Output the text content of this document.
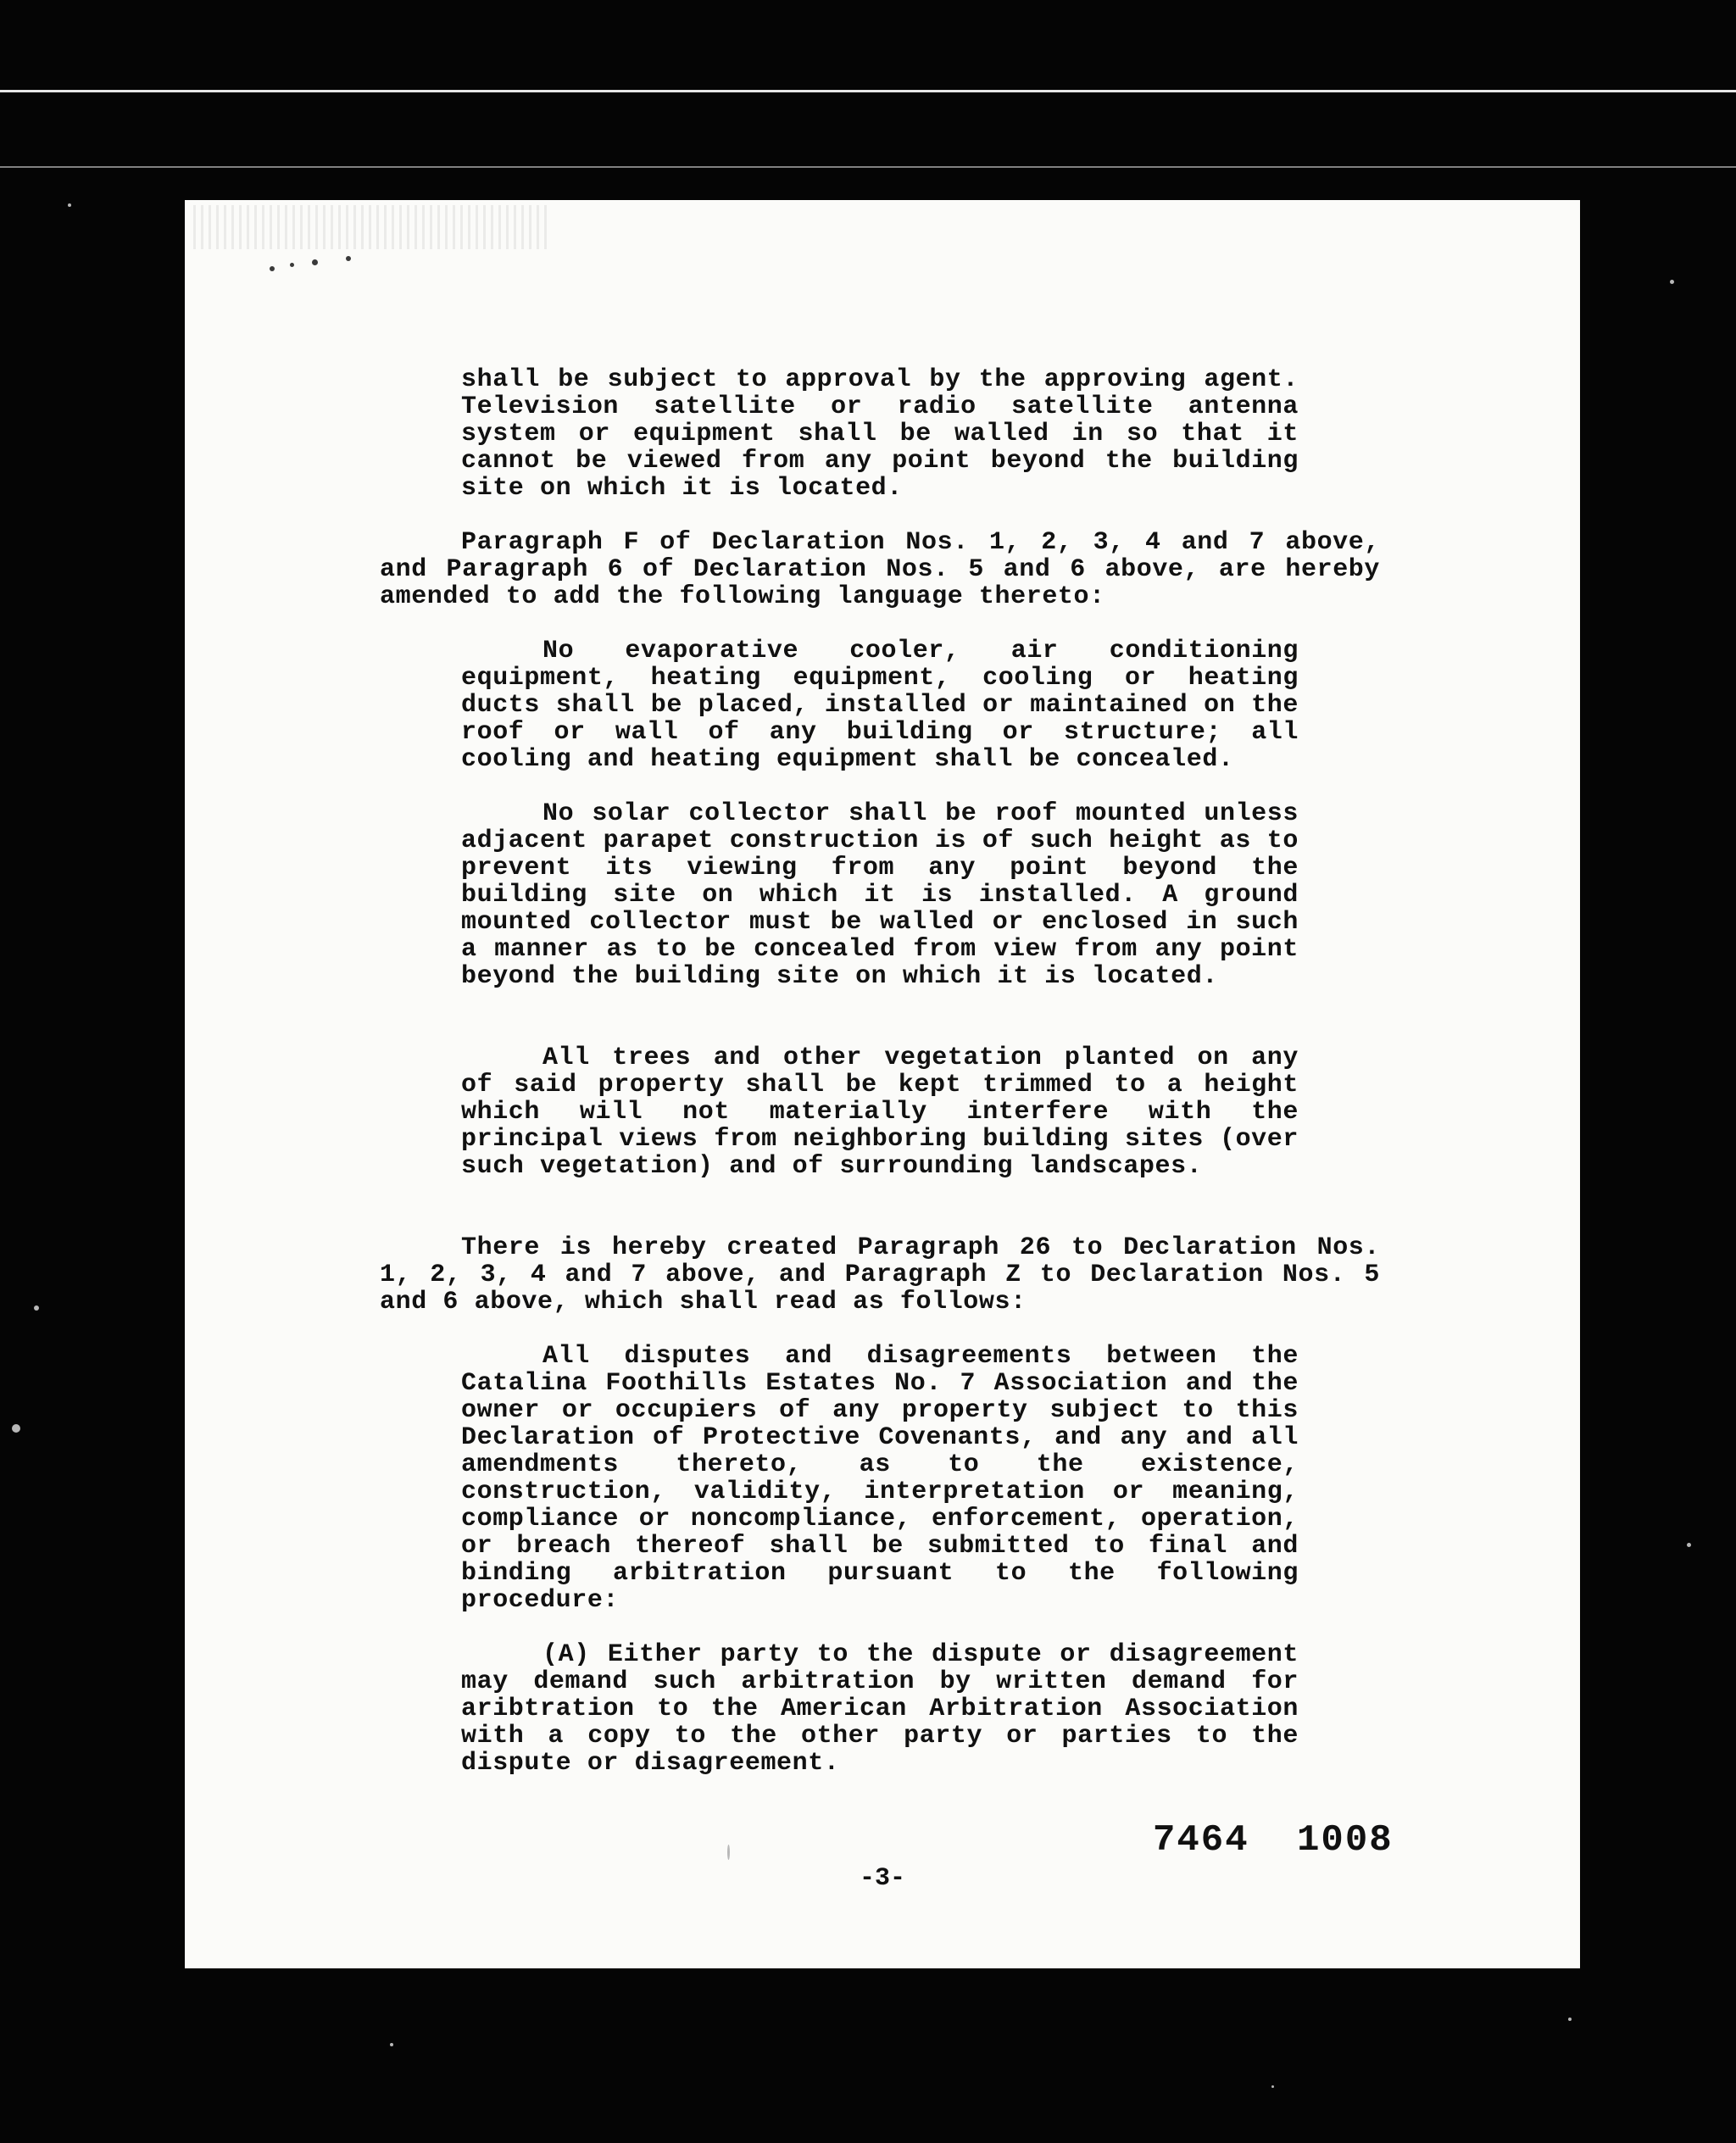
shall be subject to approval by the approving agent. Television satellite or radio satellite antenna system or equipment shall be walled in so that it cannot be viewed from any point beyond the building site on which it is located.

Paragraph F of Declaration Nos. 1, 2, 3, 4 and 7 above, and Paragraph 6 of Declaration Nos. 5 and 6 above, are hereby amended to add the following language thereto:

No evaporative cooler, air conditioning equipment, heating equipment, cooling or heating ducts shall be placed, installed or maintained on the roof or wall of any building or structure; all cooling and heating equipment shall be concealed.

No solar collector shall be roof mounted unless adjacent parapet construction is of such height as to prevent its viewing from any point beyond the building site on which it is installed. A ground mounted collector must be walled or enclosed in such a manner as to be concealed from view from any point beyond the building site on which it is located.

All trees and other vegetation planted on any of said property shall be kept trimmed to a height which will not materially interfere with the principal views from neighboring building sites (over such vegetation) and of surrounding landscapes.

There is hereby created Paragraph 26 to Declaration Nos. 1, 2, 3, 4 and 7 above, and Paragraph Z to Declaration Nos. 5 and 6 above, which shall read as follows:

All disputes and disagreements between the Catalina Foothills Estates No. 7 Association and the owner or occupiers of any property subject to this Declaration of Protective Covenants, and any and all amendments thereto, as to the existence, construction, validity, interpretation or meaning, compliance or noncompliance, enforcement, operation, or breach thereof shall be submitted to final and binding arbitration pursuant to the following procedure:

(A) Either party to the dispute or disagreement may demand such arbitration by written demand for aribtration to the American Arbitration Association with a copy to the other party or parties to the dispute or disagreement.

7464 1008
-3-
